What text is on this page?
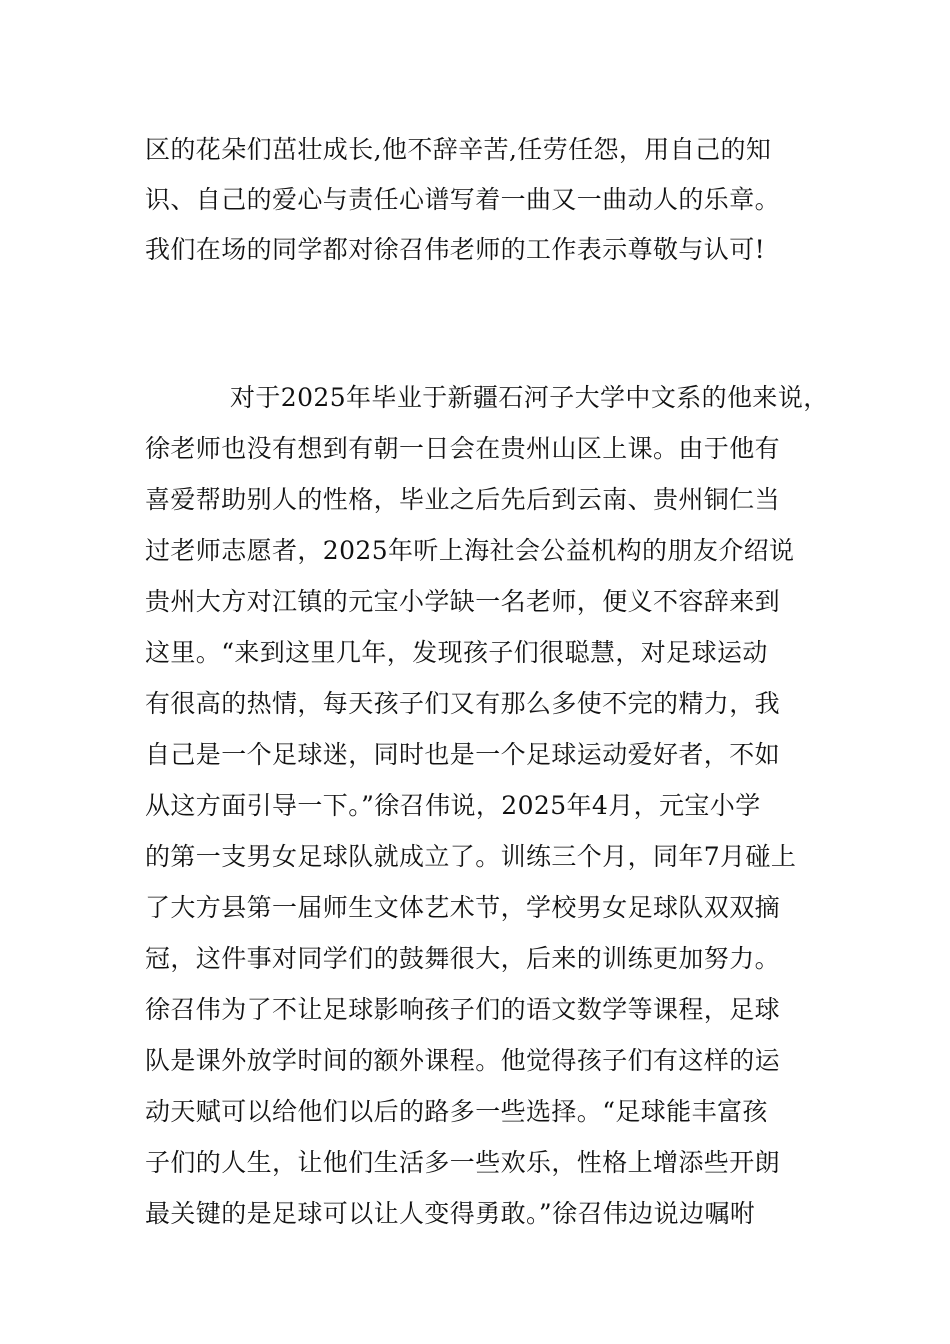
区的花朵们茁壮成长,他不辞辛苦,任劳任怨，用自己的知
识、自己的爱心与责任心谱写着一曲又一曲动人的乐章。
我们在场的同学都对徐召伟老师的工作表示尊敬与认可!
对于2025年毕业于新疆石河子大学中文系的他来说，
徐老师也没有想到有朝一日会在贵州山区上课。由于他有
喜爱帮助别人的性格，毕业之后先后到云南、贵州铜仁当
过老师志愿者，2025年听上海社会公益机构的朋友介绍说
贵州大方对江镇的元宝小学缺一名老师，便义不容辞来到
这里。“来到这里几年，发现孩子们很聪慧，对足球运动
有很高的热情，每天孩子们又有那么多使不完的精力，我
自己是一个足球迷，同时也是一个足球运动爱好者，不如
从这方面引导一下。”徐召伟说，2025年4月，元宝小学
的第一支男女足球队就成立了。训练三个月，同年7月碰上
了大方县第一届师生文体艺术节，学校男女足球队双双摘
冠，这件事对同学们的鼓舞很大，后来的训练更加努力。
徐召伟为了不让足球影响孩子们的语文数学等课程，足球
队是课外放学时间的额外课程。他觉得孩子们有这样的运
动天赋可以给他们以后的路多一些选择。“足球能丰富孩
子们的人生，让他们生活多一些欢乐，性格上增添些开朗
最关键的是足球可以让人变得勇敢。”徐召伟边说边嘱咐
